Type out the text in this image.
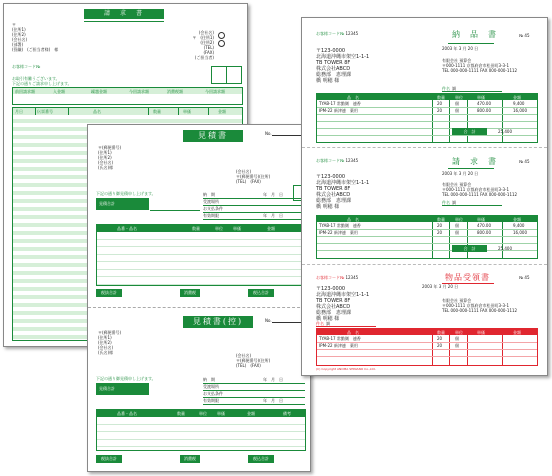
請　求　書
〒
(住所1)
(住所2)
(会社名)
(部署)
(役職)　(ご担当者様)　様
(会社名)
〒　(住所1)
(住所2)
(TEL)
(FAX)
(ご担当者)
お客様コード№
お取引有難うございます。
下記の通りご請求申し上げます。
前回請求額	入金額	繰越金額	今回請求額	消費税額	今回請求額
月日	伝票番号	品名	数量	単価	金額
見積書	No.
〒(郵便番号)
(住所1)
(住所2)
(会社名)
(氏名)様
(会社名)
〒(郵便番号)(住所)
(TEL)　(FAX)
下記の通り御見積申し上げます。
見積合計
納　期	年　月　日
受渡場所
お支払条件
有効期限	年　月　日
品番・品名	数量	単位	単価	金額
税抜合計	消費税	税込合計
見積書(控)	No.
〒(郵便番号)
(住所1)
(住所2)
(会社名)
(氏名)様
(会社名)
〒(郵便番号)(住所)
(TEL)　(FAX)
下記の通り御見積申し上げます。
見積合計
納　期	年　月　日
受渡場所
お支払条件
有効期限	年　月　日
品番・品名	数量	単位	単価	金額	備考
税抜合計	消費税	税込合計
お客様コード№ 12345	納　品　書	№ 45
2003 年 3 月 20 日
〒123-0000
北海道沖縄市架空1-1-1
TB TOWER 8F
株式会社ABCD
総務部　恵理課
橋 明穂 様
有限会社 預算会
〒000-1111 京都府倉市松田町3-3-1
TEL 000-000-1111 FAX 000-000-1112
件名 調
品　名	数量	単位	単価	金額
TYAB-17 常勤側　連香	20	個	470.00	9,400
IPM-22 新津連　薬用	20	個	800.00	16,000
合　計	25,400
お客様コード№ 12345	請　求　書	№ 45
2003 年 3 月 20 日
〒123-0000
北海道沖縄市架空1-1-1
TB TOWER 8F
株式会社ABCD
総務部　恵理課
橋 明穂 様
有限会社 預算会
〒000-1111 京都府倉市松田町3-3-1
TEL 000-000-1111 FAX 000-000-1112
件名 調
品　名	数量	単位	単価	金額
TYAB-17 常勤側　連香	20	個	470.00	9,400
IPM-22 新津連　薬用	20	個	800.00	16,000
合　計	25,400
お客様コード№ 12345	物品受領書	№ 45
2003 年 3 月 20 日
〒123-0000
北海道沖縄市架空1-1-1
TB TOWER 8F
株式会社ABCD
総務部　恵理課
橋 明穂 様
有限会社 預算会
〒000-1111 京都府倉市松田町3-3-1
TEL 000-000-1111 FAX 000-000-1112
件名 調
品　名	数量	単位	単価	金額
TYAB-17 常勤側　連香	20	個
IPM-22 新津連　薬用	20	個
(C) Copyright ANOMA SHINANO Co.,Ltd.
